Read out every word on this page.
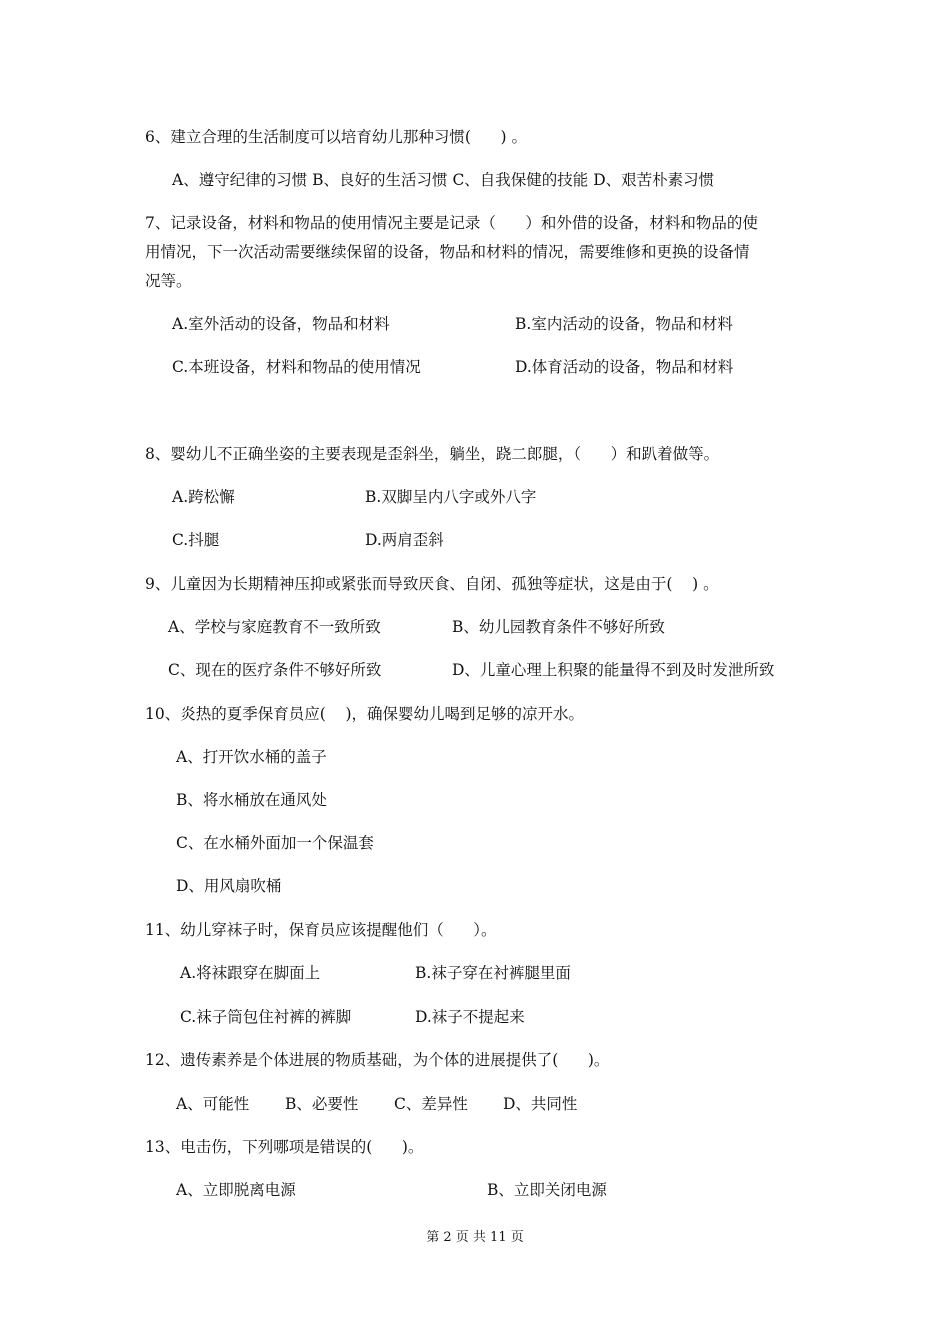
6、建立合理的生活制度可以培育幼儿那种习惯(      ) 。
A、遵守纪律的习惯 B、良好的生活习惯 C、自我保健的技能 D、艰苦朴素习惯
7、记录设备，材料和物品的使用情况主要是记录（      ）和外借的设备，材料和物品的使
用情况，下一次活动需要继续保留的设备，物品和材料的情况，需要维修和更换的设备情
况等。
A.室外活动的设备，物品和材料	B.室内活动的设备，物品和材料
C.本班设备，材料和物品的使用情况	D.体育活动的设备，物品和材料
8、婴幼儿不正确坐姿的主要表现是歪斜坐，躺坐，跷二郎腿，（      ）和趴着做等。
A.跨松懈	B.双脚呈内八字或外八字
C.抖腿	D.两肩歪斜
9、儿童因为长期精神压抑或紧张而导致厌食、自闭、孤独等症状，这是由于(    ) 。
A、学校与家庭教育不一致所致	B、幼儿园教育条件不够好所致
C、现在的医疗条件不够好所致	D、儿童心理上积聚的能量得不到及时发泄所致
10、炎热的夏季保育员应(    )，确保婴幼儿喝到足够的凉开水。
A、打开饮水桶的盖子
B、将水桶放在通风处
C、在水桶外面加一个保温套
D、用风扇吹桶
11、幼儿穿袜子时，保育员应该提醒他们（      ）。
A.将袜跟穿在脚面上	B.袜子穿在衬裤腿里面
C.袜子筒包住衬裤的裤脚	D.袜子不提起来
12、遗传素养是个体进展的物质基础，为个体的进展提供了(      )。
A、可能性 B、必要性 C、差异性 D、共同性
13、电击伤，下列哪项是错误的(      )。
A、立即脱离电源	B、立即关闭电源
第 2 页 共 11 页
